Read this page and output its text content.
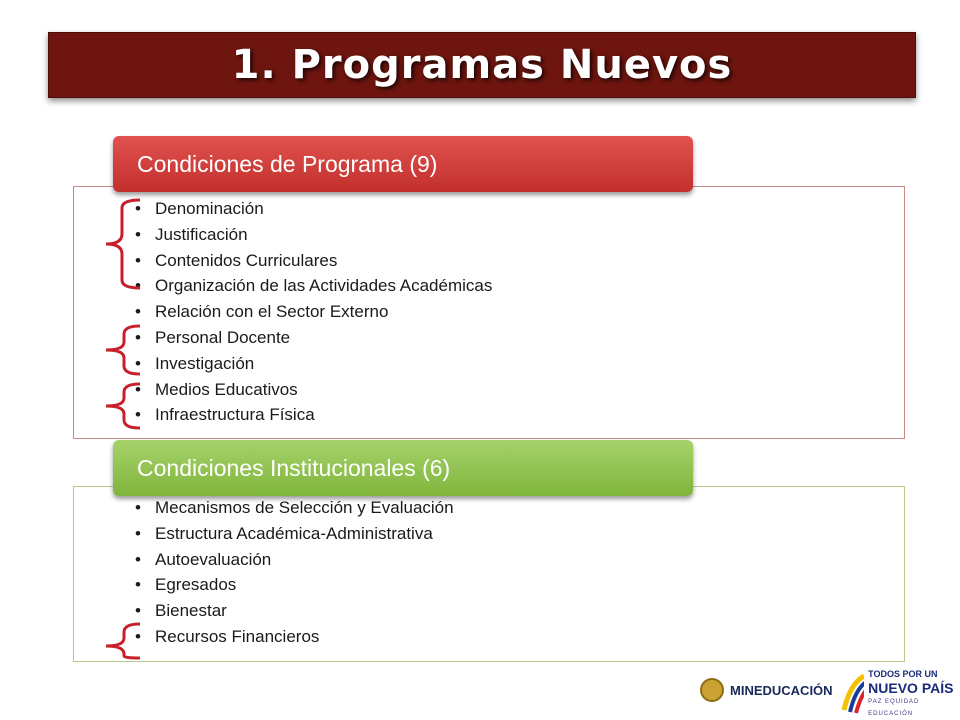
1. Programas Nuevos
Condiciones de Programa (9)
• Denominación
• Justificación
• Contenidos Curriculares
• Organización de las Actividades Académicas
• Relación con el Sector Externo
• Personal Docente
• Investigación
• Medios Educativos
• Infraestructura Física
Condiciones Institucionales (6)
• Mecanismos de Selección y Evaluación
• Estructura Académica-Administrativa
• Autoevaluación
• Egresados
• Bienestar
• Recursos Financieros
MINEDUCACIÓN
TODOS POR UN
NUEVO PAÍS
PAZ EQUIDAD EDUCACIÓN
